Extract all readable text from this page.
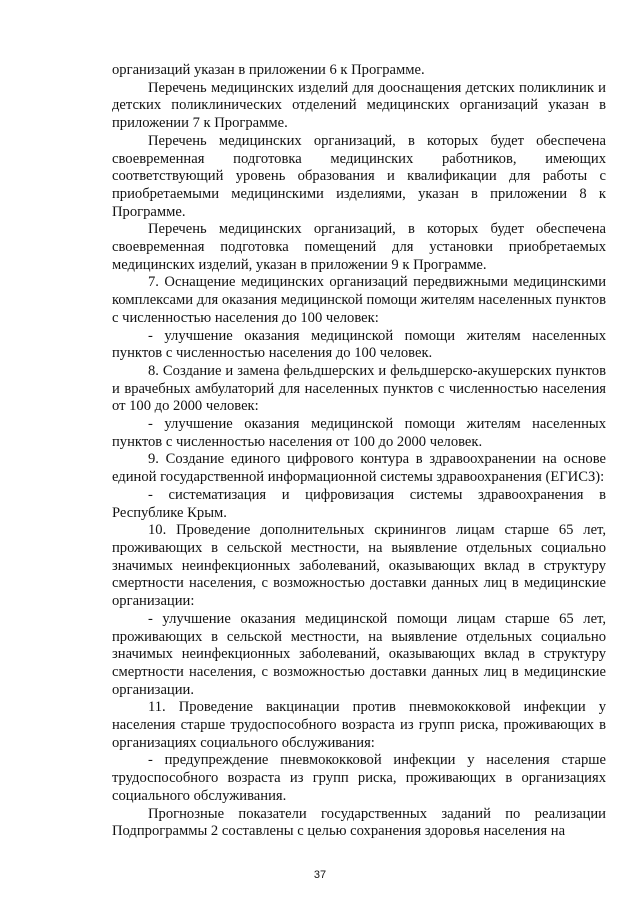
организаций указан в приложении 6 к Программе.

Перечень медицинских изделий для дооснащения детских поликлиник и детских поликлинических отделений медицинских организаций указан в приложении 7 к Программе.

Перечень медицинских организаций, в которых будет обеспечена своевременная подготовка медицинских работников, имеющих соответствующий уровень образования и квалификации для работы с приобретаемыми медицинскими изделиями, указан в приложении 8 к Программе.

Перечень медицинских организаций, в которых будет обеспечена своевременная подготовка помещений для установки приобретаемых медицинских изделий, указан в приложении 9 к Программе.

7. Оснащение медицинских организаций передвижными медицинскими комплексами для оказания медицинской помощи жителям населенных пунктов с численностью населения до 100 человек:

- улучшение оказания медицинской помощи жителям населенных пунктов с численностью населения до 100 человек.

8. Создание и замена фельдшерских и фельдшерско-акушерских пунктов и врачебных амбулаторий для населенных пунктов с численностью населения от 100 до 2000 человек:

- улучшение оказания медицинской помощи жителям населенных пунктов с численностью населения от 100 до 2000 человек.

9. Создание единого цифрового контура в здравоохранении на основе единой государственной информационной системы здравоохранения (ЕГИСЗ):

- систематизация и цифровизация системы здравоохранения в Республике Крым.

10. Проведение дополнительных скринингов лицам старше 65 лет, проживающих в сельской местности, на выявление отдельных социально значимых неинфекционных заболеваний, оказывающих вклад в структуру смертности населения, с возможностью доставки данных лиц в медицинские организации:

- улучшение оказания медицинской помощи лицам старше 65 лет, проживающих в сельской местности, на выявление отдельных социально значимых неинфекционных заболеваний, оказывающих вклад в структуру смертности населения, с возможностью доставки данных лиц в медицинские организации.

11. Проведение вакцинации против пневмококковой инфекции у населения старше трудоспособного возраста из групп риска, проживающих в организациях социального обслуживания:

- предупреждение пневмококковой инфекции у населения старше трудоспособного возраста из групп риска, проживающих в организациях социального обслуживания.

Прогнозные показатели государственных заданий по реализации Подпрограммы 2 составлены с целью сохранения здоровья населения на

37
